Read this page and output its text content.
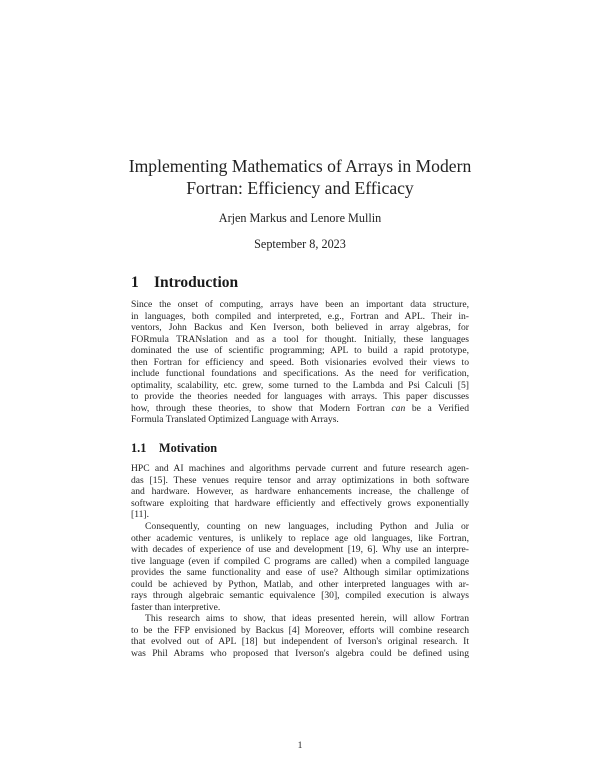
Implementing Mathematics of Arrays in Modern
Fortran: Efficiency and Efficacy
Arjen Markus and Lenore Mullin
September 8, 2023
1 Introduction
Since the onset of computing, arrays have been an important data structure,
in languages, both compiled and interpreted, e.g., Fortran and APL. Their in-
ventors, John Backus and Ken Iverson, both believed in array algebras, for
FORmula TRANslation and as a tool for thought. Initially, these languages
dominated the use of scientific programming; APL to build a rapid prototype,
then Fortran for efficiency and speed. Both visionaries evolved their views to
include functional foundations and specifications. As the need for verification,
optimality, scalability, etc. grew, some turned to the Lambda and Psi Calculi [5]
to provide the theories needed for languages with arrays. This paper discusses
how, through these theories, to show that Modern Fortran can be a Verified
Formula Translated Optimized Language with Arrays.
1.1 Motivation
HPC and AI machines and algorithms pervade current and future research agen-
das [15]. These venues require tensor and array optimizations in both software
and hardware. However, as hardware enhancements increase, the challenge of
software exploiting that hardware efficiently and effectively grows exponentially
[11].
Consequently, counting on new languages, including Python and Julia or
other academic ventures, is unlikely to replace age old languages, like Fortran,
with decades of experience of use and development [19, 6]. Why use an interpre-
tive language (even if compiled C programs are called) when a compiled language
provides the same functionality and ease of use? Although similar optimizations
could be achieved by Python, Matlab, and other interpreted languages with ar-
rays through algebraic semantic equivalence [30], compiled execution is always
faster than interpretive.
This research aims to show, that ideas presented herein, will allow Fortran
to be the FFP envisioned by Backus [4] Moreover, efforts will combine research
that evolved out of APL [18] but independent of Iverson's original research. It
was Phil Abrams who proposed that Iverson's algebra could be defined using
1
